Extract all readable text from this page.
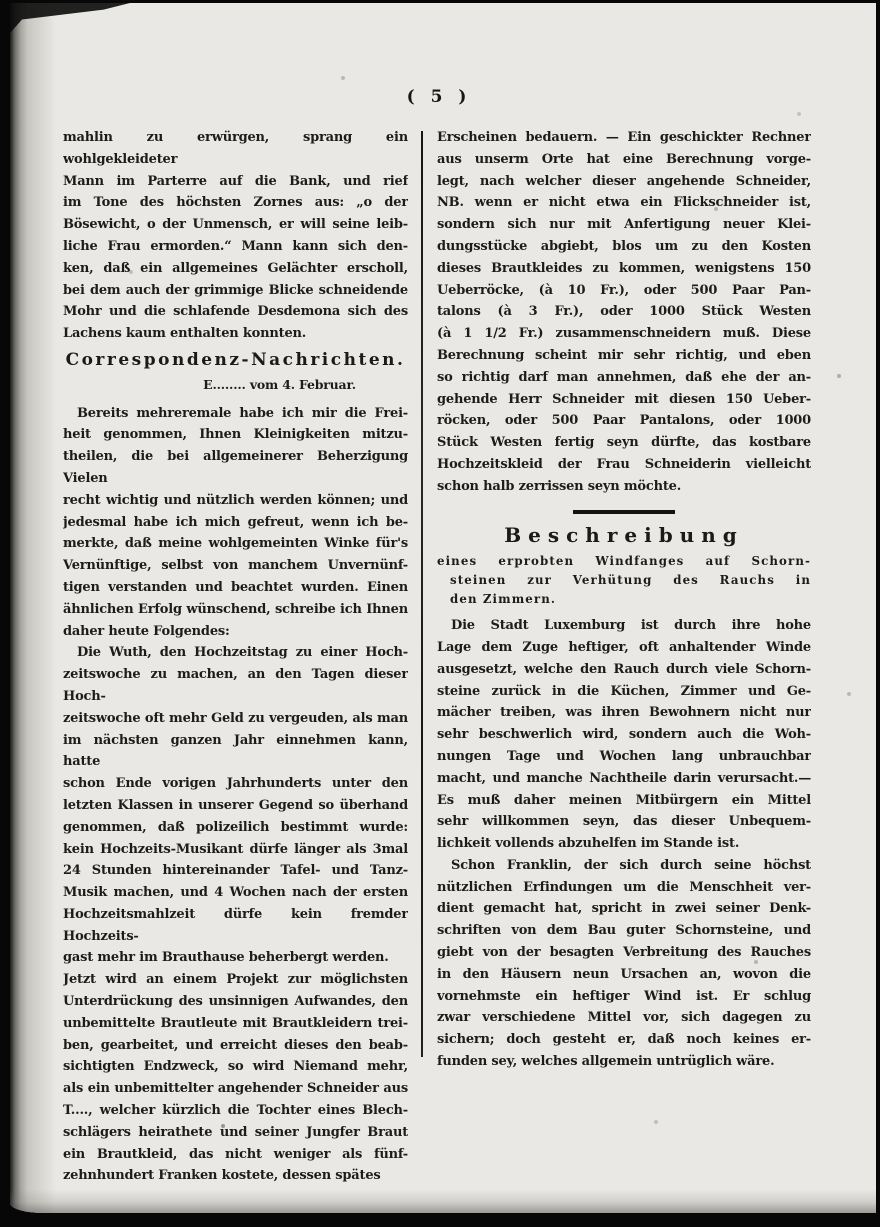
( 5 )
mahlin zu erwürgen, sprang ein wohlgekleideter
Mann im Parterre auf die Bank, und rief
im Tone des höchsten Zornes aus: „o der
Bösewicht, o der Unmensch, er will seine leib-
liche Frau ermorden.“ Mann kann sich den-
ken, daß ein allgemeines Gelächter erscholl,
bei dem auch der grimmige Blicke schneidende
Mohr und die schlafende Desdemona sich des
Lachens kaum enthalten konnten.
Correspondenz-Nachrichten.
E........ vom 4. Februar.
Bereits mehreremale habe ich mir die Frei-
heit genommen, Ihnen Kleinigkeiten mitzu-
theilen, die bei allgemeinerer Beherzigung Vielen
recht wichtig und nützlich werden können; und
jedesmal habe ich mich gefreut, wenn ich be-
merkte, daß meine wohlgemeinten Winke für's
Vernünftige, selbst von manchem Unvernünf-
tigen verstanden und beachtet wurden. Einen
ähnlichen Erfolg wünschend, schreibe ich Ihnen
daher heute Folgendes:
Die Wuth, den Hochzeitstag zu einer Hoch-
zeitswoche zu machen, an den Tagen dieser Hoch-
zeitswoche oft mehr Geld zu vergeuden, als man
im nächsten ganzen Jahr einnehmen kann, hatte
schon Ende vorigen Jahrhunderts unter den
letzten Klassen in unserer Gegend so überhand
genommen, daß polizeilich bestimmt wurde:
kein Hochzeits-Musikant dürfe länger als 3mal
24 Stunden hintereinander Tafel- und Tanz-
Musik machen, und 4 Wochen nach der ersten
Hochzeitsmahlzeit dürfe kein fremder Hochzeits-
gast mehr im Brauthause beherbergt werden.
Jetzt wird an einem Projekt zur möglichsten
Unterdrückung des unsinnigen Aufwandes, den
unbemittelte Brautleute mit Brautkleidern trei-
ben, gearbeitet, und erreicht dieses den beab-
sichtigten Endzweck, so wird Niemand mehr,
als ein unbemittelter angehender Schneider aus
T...., welcher kürzlich die Tochter eines Blech-
schlägers heirathete und seiner Jungfer Braut
ein Brautkleid, das nicht weniger als fünf-
zehnhundert Franken kostete, dessen spätes
Erscheinen bedauern. — Ein geschickter Rechner
aus unserm Orte hat eine Berechnung vorge-
legt, nach welcher dieser angehende Schneider,
NB. wenn er nicht etwa ein Flickschneider ist,
sondern sich nur mit Anfertigung neuer Klei-
dungsstücke abgiebt, blos um zu den Kosten
dieses Brautkleides zu kommen, wenigstens 150
Ueberröcke, (à 10 Fr.), oder 500 Paar Pan-
talons (à 3 Fr.), oder 1000 Stück Westen
(à 1 1/2 Fr.) zusammenschneidern muß. Diese
Berechnung scheint mir sehr richtig, und eben
so richtig darf man annehmen, daß ehe der an-
gehende Herr Schneider mit diesen 150 Ueber-
röcken, oder 500 Paar Pantalons, oder 1000
Stück Westen fertig seyn dürfte, das kostbare
Hochzeitskleid der Frau Schneiderin vielleicht
schon halb zerrissen seyn möchte.
Beschreibung
eines erprobten Windfanges auf Schorn-
steinen zur Verhütung des Rauchs in
den Zimmern.
Die Stadt Luxemburg ist durch ihre hohe
Lage dem Zuge heftiger, oft anhaltender Winde
ausgesetzt, welche den Rauch durch viele Schorn-
steine zurück in die Küchen, Zimmer und Ge-
mächer treiben, was ihren Bewohnern nicht nur
sehr beschwerlich wird, sondern auch die Woh-
nungen Tage und Wochen lang unbrauchbar
macht, und manche Nachtheile darin verursacht.—
Es muß daher meinen Mitbürgern ein Mittel
sehr willkommen seyn, das dieser Unbequem-
lichkeit vollends abzuhelfen im Stande ist.
Schon Franklin, der sich durch seine höchst
nützlichen Erfindungen um die Menschheit ver-
dient gemacht hat, spricht in zwei seiner Denk-
schriften von dem Bau guter Schornsteine, und
giebt von der besagten Verbreitung des Rauches
in den Häusern neun Ursachen an, wovon die
vornehmste ein heftiger Wind ist. Er schlug
zwar verschiedene Mittel vor, sich dagegen zu
sichern; doch gesteht er, daß noch keines er-
funden sey, welches allgemein untrüglich wäre.
